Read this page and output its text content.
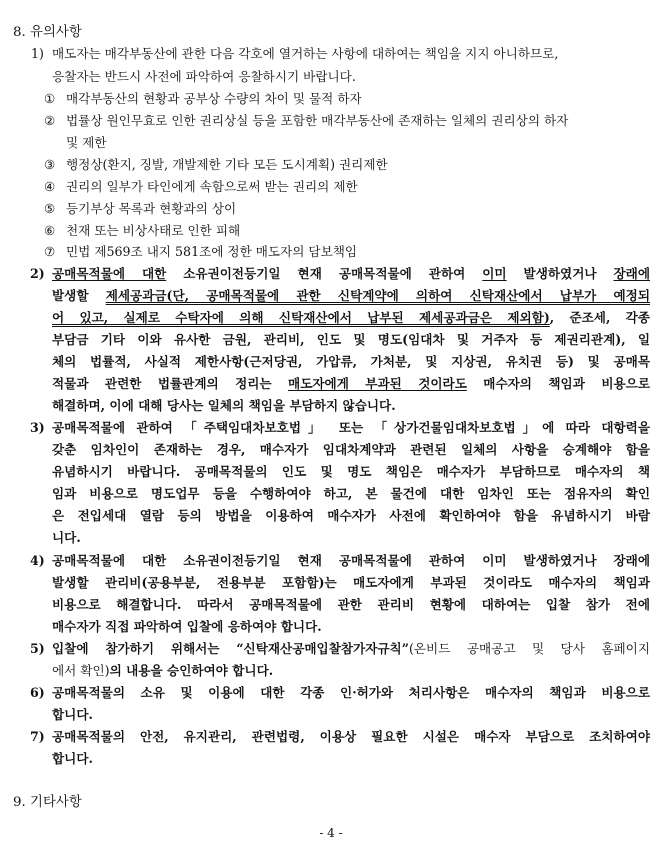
8. 유의사항
1) 매도자는 매각부동산에 관한 다음 각호에 열거하는 사항에 대하여는 책임을 지지 아니하므로,
응찰자는 반드시 사전에 파악하여 응찰하시기 바랍니다.
① 매각부동산의 현황과 공부상 수량의 차이 및 물적 하자
② 법률상 원인무효로 인한 권리상실 등을 포함한 매각부동산에 존재하는 일체의 권리상의 하자
및 제한
③ 행정상(환지, 징발, 개발제한 기타 모든 도시계획) 권리제한
④ 권리의 일부가 타인에게 속함으로써 받는 권리의 제한
⑤ 등기부상 목록과 현황과의 상이
⑥ 천재 또는 비상사태로 인한 피해
⑦ 민법 제569조 내지 581조에 정한 매도자의 담보책임
2) 공매목적물에 대한 소유권이전등기일 현재 공매목적물에 관하여 이미 발생하였거나 장래에
발생할 제세공과금(단, 공매목적물에 관한 신탁계약에 의하여 신탁재산에서 납부가 예정되
어 있고, 실제로 수탁자에 의해 신탁재산에서 납부된 제세공과금은 제외함), 준조세, 각종
부담금 기타 이와 유사한 금원, 관리비, 인도 및 명도(임대차 및 거주자 등 제권리관계), 일
체의 법률적, 사실적 제한사항(근저당권, 가압류, 가처분, 및 지상권, 유치권 등) 및 공매목
적물과 관련한 법률관계의 정리는 매도자에게 부과된 것이라도 매수자의 책임과 비용으로
해결하며, 이에 대해 당사는 일체의 책임을 부담하지 않습니다.
3) 공매목적물에 관하여 「주택임대차보호법」 또는 「상가건물임대차보호법」에 따라 대항력을
갖춘 임차인이 존재하는 경우, 매수자가 임대차계약과 관련된 일체의 사항을 승계해야 함을
유념하시기 바랍니다. 공매목적물의 인도 및 명도 책임은 매수자가 부담하므로 매수자의 책
임과 비용으로 명도업무 등을 수행하여야 하고, 본 물건에 대한 임차인 또는 점유자의 확인
은 전입세대 열람 등의 방법을 이용하여 매수자가 사전에 확인하여야 함을 유념하시기 바람
니다.
4) 공매목적물에 대한 소유권이전등기일 현재 공매목적물에 관하여 이미 발생하였거나 장래에
발생할 관리비(공용부분, 전용부분 포함함)는 매도자에게 부과된 것이라도 매수자의 책임과
비용으로 해결합니다. 따라서 공매목적물에 관한 관리비 현황에 대하여는 입찰 참가 전에
매수자가 직접 파악하여 입찰에 응하여야 합니다.
5) 입찰에 참가하기 위해서는 “신탁재산공매입찰참가자규칙”(온비드 공매공고 및 당사 홈페이지
에서 확인)의 내용을 승인하여야 합니다.
6) 공매목적물의 소유 및 이용에 대한 각종 인·허가와 처리사항은 매수자의 책임과 비용으로
합니다.
7) 공매목적물의 안전, 유지관리, 관련법령, 이용상 필요한 시설은 매수자 부담으로 조치하여야
합니다.
9. 기타사항
- 4 -
